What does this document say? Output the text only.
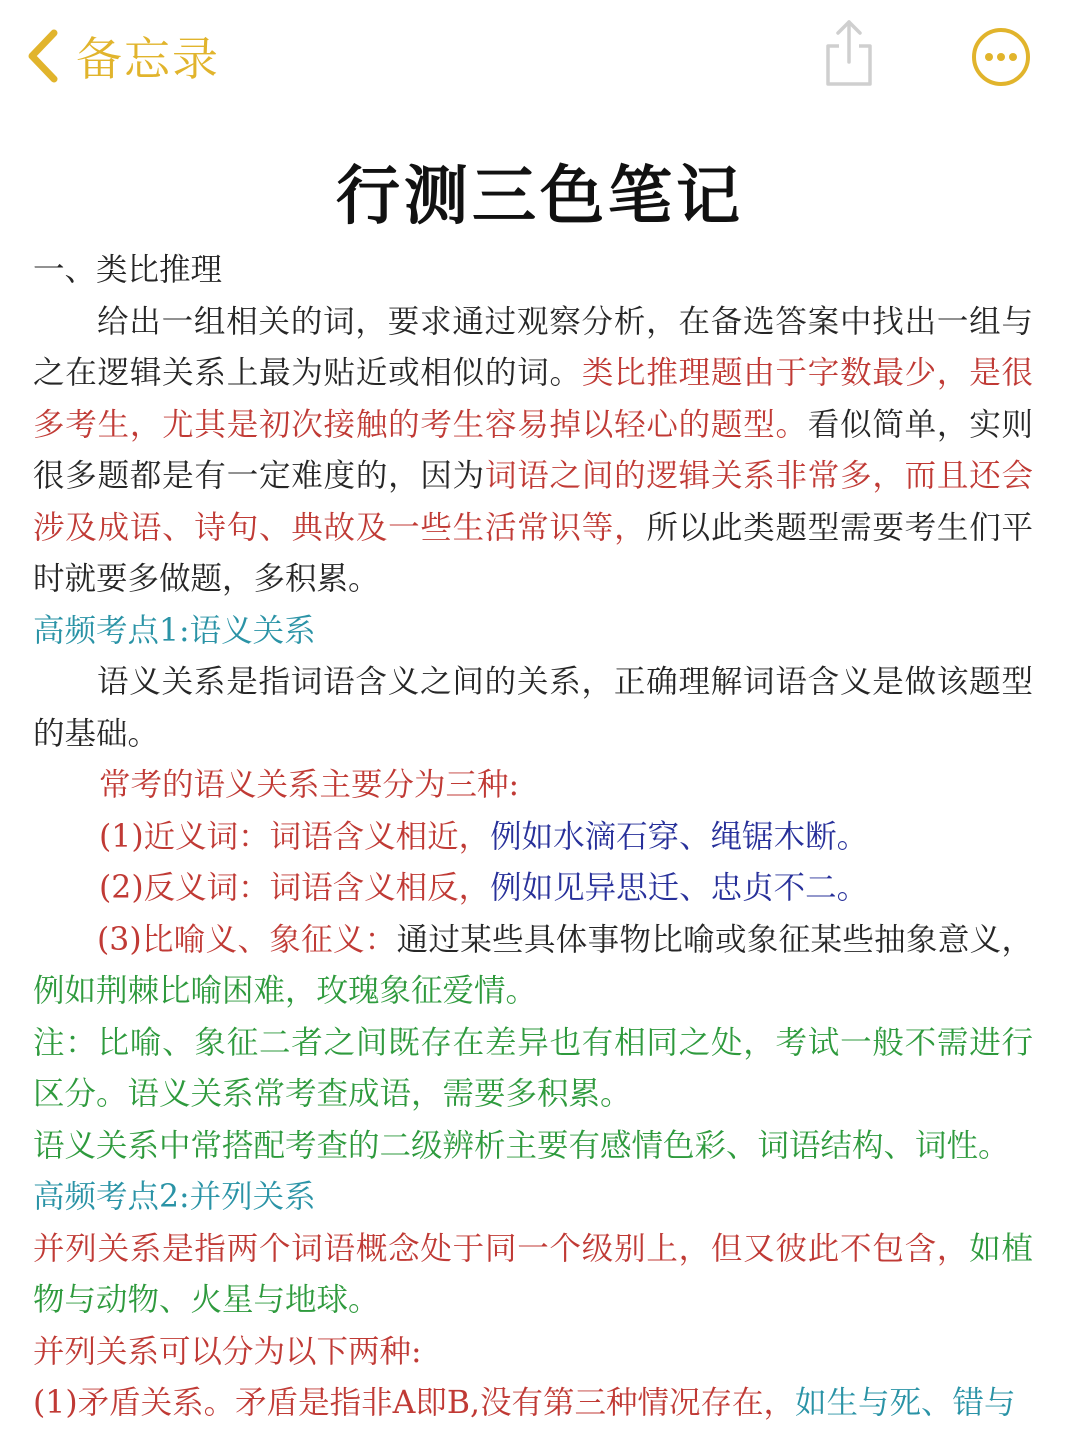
备忘录
行测三色笔记

一、类比推理

给出一组相关的词，要求通过观察分析，在备选答案中找出一组与之在逻辑关系上最为贴近或相似的词。类比推理题由于字数最少，是很多考生，尤其是初次接触的考生容易掉以轻心的题型。看似简单，实则很多题都是有一定难度的，因为词语之间的逻辑关系非常多，而且还会涉及成语、诗句、典故及一些生活常识等，所以此类题型需要考生们平时就要多做题，多积累。

高频考点1:语义关系

语义关系是指词语含义之间的关系，正确理解词语含义是做该题型的基础。

常考的语义关系主要分为三种:

(1)近义词：词语含义相近，例如水滴石穿、绳锯木断。

(2)反义词：词语含义相反，例如见异思迁、忠贞不二。

(3)比喻义、象征义：通过某些具体事物比喻或象征某些抽象意义，例如荆棘比喻困难，玫瑰象征爱情。

注：比喻、象征二者之间既存在差异也有相同之处，考试一般不需进行区分。语义关系常考查成语，需要多积累。

语义关系中常搭配考查的二级辨析主要有感情色彩、词语结构、词性。

高频考点2:并列关系

并列关系是指两个词语概念处于同一个级别上，但又彼此不包含，如植物与动物、火星与地球。

并列关系可以分为以下两种:

(1)矛盾关系。矛盾是指非A即B,没有第三种情况存在，如生与死、错与
